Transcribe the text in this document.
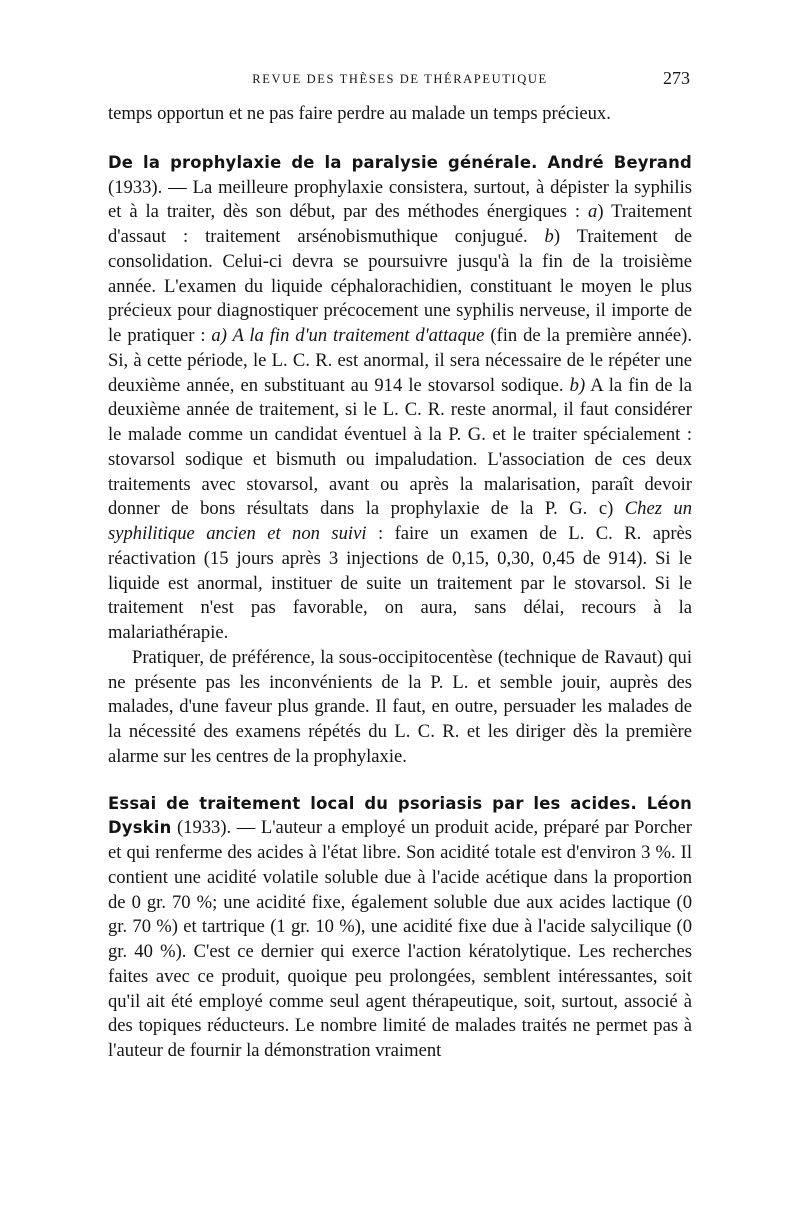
REVUE DES THÈSES DE THÉRAPEUTIQUE	273

temps opportun et ne pas faire perdre au malade un temps précieux.

De la prophylaxie de la paralysie générale. André Beyrand (1933). — La meilleure prophylaxie consistera, surtout, à dépister la syphilis et à la traiter, dès son début, par des méthodes énergiques : a) Traitement d'assaut : traitement arsénobismuthique conjugué. b) Traitement de consolidation. Celui-ci devra se poursuivre jusqu'à la fin de la troisième année. L'examen du liquide céphalorachidien, constituant le moyen le plus précieux pour diagnostiquer précocement une syphilis nerveuse, il importe de le pratiquer : a) A la fin d'un traitement d'attaque (fin de la première année). Si, à cette période, le L. C. R. est anormal, il sera nécessaire de le répéter une deuxième année, en substituant au 914 le stovarsol sodique. b) A la fin de la deuxième année de traitement, si le L. C. R. reste anormal, il faut considérer le malade comme un candidat éventuel à la P. G. et le traiter spécialement : stovarsol sodique et bismuth ou impaludation. L'association de ces deux traitements avec stovarsol, avant ou après la malarisation, paraît devoir donner de bons résultats dans la prophylaxie de la P. G. c) Chez un syphilitique ancien et non suivi : faire un examen de L. C. R. après réactivation (15 jours après 3 injections de 0,15, 0,30, 0,45 de 914). Si le liquide est anormal, instituer de suite un traitement par le stovarsol. Si le traitement n'est pas favorable, on aura, sans délai, recours à la malariathérapie.

Pratiquer, de préférence, la sous-occipitocentèse (technique de Ravaut) qui ne présente pas les inconvénients de la P. L. et semble jouir, auprès des malades, d'une faveur plus grande. Il faut, en outre, persuader les malades de la nécessité des examens répétés du L. C. R. et les diriger dès la première alarme sur les centres de la prophylaxie.

Essai de traitement local du psoriasis par les acides. Léon Dyskin (1933). — L'auteur a employé un produit acide, préparé par Porcher et qui renferme des acides à l'état libre. Son acidité totale est d'environ 3 %. Il contient une acidité volatile soluble due à l'acide acétique dans la proportion de 0 gr. 70 %; une acidité fixe, également soluble due aux acides lactique (0 gr. 70 %) et tartrique (1 gr. 10 %), une acidité fixe due à l'acide salycilique (0 gr. 40 %). C'est ce dernier qui exerce l'action kératolytique. Les recherches faites avec ce produit, quoique peu prolongées, semblent intéressantes, soit qu'il ait été employé comme seul agent thérapeutique, soit, surtout, associé à des topiques réducteurs. Le nombre limité de malades traités ne permet pas à l'auteur de fournir la démonstration vraiment
